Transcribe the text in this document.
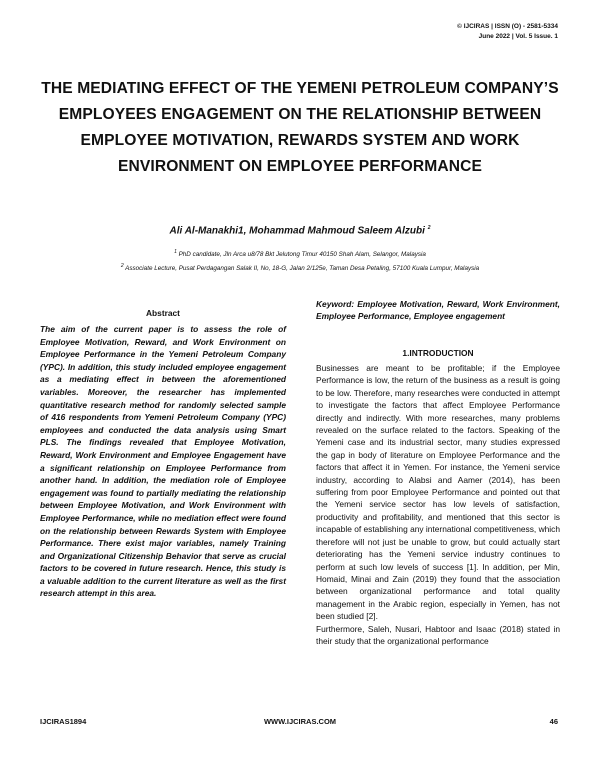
© IJCIRAS | ISSN (O) - 2581-5334
June 2022 | Vol. 5 Issue. 1
THE MEDIATING EFFECT OF THE YEMENI PETROLEUM COMPANY’S EMPLOYEES ENGAGEMENT ON THE RELATIONSHIP BETWEEN EMPLOYEE MOTIVATION, REWARDS SYSTEM AND WORK ENVIRONMENT ON EMPLOYEE PERFORMANCE
Ali Al-Manakhi1, Mohammad Mahmoud Saleem Alzubi $^2$
$^1$ PhD candidate, Jln Arca u8/78 Bkt Jelutong Timur 40150 Shah Alam, Selangor, Malaysia
$^2$ Associate Lecture, Pusat Perdagangan Salak II, No, 18-G, Jalan 2/125e, Taman Desa Petaling, 57100 Kuala Lumpur, Malaysia
Abstract
The aim of the current paper is to assess the role of Employee Motivation, Reward, and Work Environment on Employee Performance in the Yemeni Petroleum Company (YPC). In addition, this study included employee engagement as a mediating effect in between the aforementioned variables. Moreover, the researcher has implemented quantitative research method for randomly selected sample of 416 respondents from Yemeni Petroleum Company (YPC) employees and conducted the data analysis using Smart PLS. The findings revealed that Employee Motivation, Reward, Work Environment and Employee Engagement have a significant relationship on Employee Performance from another hand. In addition, the mediation role of Employee engagement was found to partially mediating the relationship between Employee Motivation, and Work Environment with Employee Performance, while no mediation effect were found on the relationship between Rewards System with Employee Performance. There exist major variables, namely Training and Organizational Citizenship Behavior that serve as crucial factors to be covered in future research. Hence, this study is a valuable addition to the current literature as well as the first research attempt in this area.
Keyword: Employee Motivation, Reward, Work Environment, Employee Performance, Employee engagement
1.INTRODUCTION

Businesses are meant to be profitable; if the Employee Performance is low, the return of the business as a result is going to be low. Therefore, many researches were conducted in attempt to investigate the factors that affect Employee Performance directly and indirectly. With more researches, many problems revealed on the surface related to the factors. Speaking of the Yemeni case and its industrial sector, many studies expressed the gap in body of literature on Employee Performance and the factors that affect it in Yemen. For instance, the Yemeni service industry, according to Alabsi and Aamer (2014), has been suffering from poor Employee Performance and pointed out that the Yemeni service sector has low levels of satisfaction, productivity and profitability, and mentioned that this sector is incapable of establishing any international competitiveness, which therefore will not just be unable to grow, but could actually start deteriorating has the Yemeni service industry continues to perform at such low levels of success [1]. In addition, per Min, Homaid, Minai and Zain (2019) they found that the association between organizational performance and total quality management in the Arabic region, especially in Yemen, has not been studied [2].

Furthermore, Saleh, Nusari, Habtoor and Isaac (2018) stated in their study that the organizational performance

IJCIRAS1894	WWW.IJCIRAS.COM	46
